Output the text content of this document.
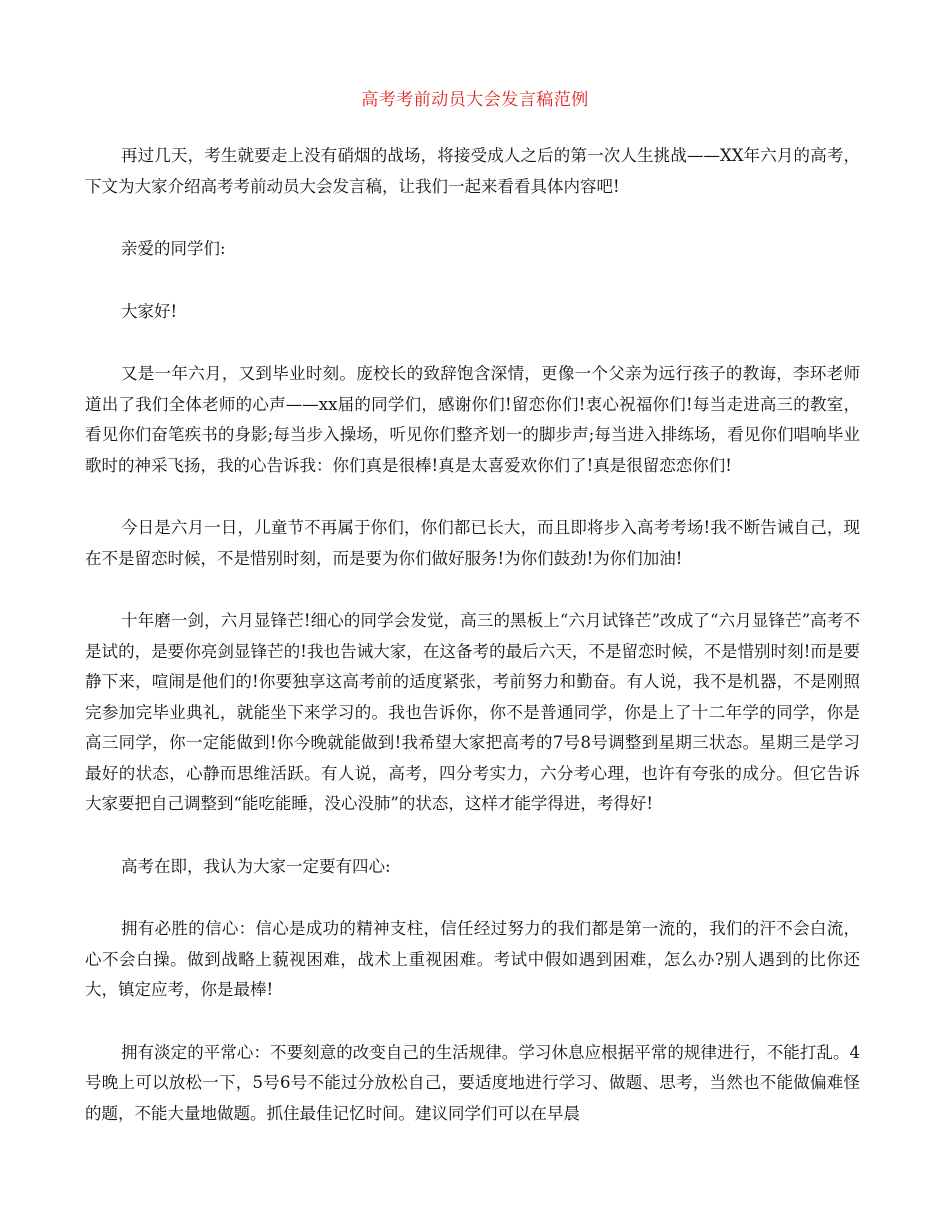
高考考前动员大会发言稿范例

再过几天，考生就要走上没有硝烟的战场，将接受成人之后的第一次人生挑战——XX年六月的高考，下文为大家介绍高考考前动员大会发言稿，让我们一起来看看具体内容吧!

亲爱的同学们:

大家好!

又是一年六月，又到毕业时刻。庞校长的致辞饱含深情，更像一个父亲为远行孩子的教诲，李环老师道出了我们全体老师的心声——xx届的同学们，感谢你们!留恋你们!衷心祝福你们!每当走进高三的教室，看见你们奋笔疾书的身影;每当步入操场，听见你们整齐划一的脚步声;每当进入排练场，看见你们唱响毕业歌时的神采飞扬，我的心告诉我：你们真是很棒!真是太喜爱欢你们了!真是很留恋恋你们!

今日是六月一日，儿童节不再属于你们，你们都已长大，而且即将步入高考考场!我不断告诫自己，现在不是留恋时候，不是惜别时刻，而是要为你们做好服务!为你们鼓劲!为你们加油!

十年磨一剑，六月显锋芒!细心的同学会发觉，高三的黑板上“六月试锋芒”改成了“六月显锋芒”高考不是试的，是要你亮剑显锋芒的!我也告诫大家，在这备考的最后六天，不是留恋时候，不是惜别时刻!而是要静下来，喧闹是他们的!你要独享这高考前的适度紧张，考前努力和勤奋。有人说，我不是机器，不是刚照完参加完毕业典礼，就能坐下来学习的。我也告诉你，你不是普通同学，你是上了十二年学的同学，你是高三同学，你一定能做到!你今晚就能做到!我希望大家把高考的7号8号调整到星期三状态。星期三是学习最好的状态，心静而思维活跃。有人说，高考，四分考实力，六分考心理，也许有夸张的成分。但它告诉大家要把自己调整到“能吃能睡，没心没肺”的状态，这样才能学得进，考得好!

高考在即，我认为大家一定要有四心:

拥有必胜的信心：信心是成功的精神支柱，信任经过努力的我们都是第一流的，我们的汗不会白流，心不会白操。做到战略上藐视困难，战术上重视困难。考试中假如遇到困难，怎么办?别人遇到的比你还大，镇定应考，你是最棒!

拥有淡定的平常心：不要刻意的改变自己的生活规律。学习休息应根据平常的规律进行，不能打乱。4号晚上可以放松一下，5号6号不能过分放松自己，要适度地进行学习、做题、思考，当然也不能做偏难怪的题，不能大量地做题。抓住最佳记忆时间。建议同学们可以在早晨
